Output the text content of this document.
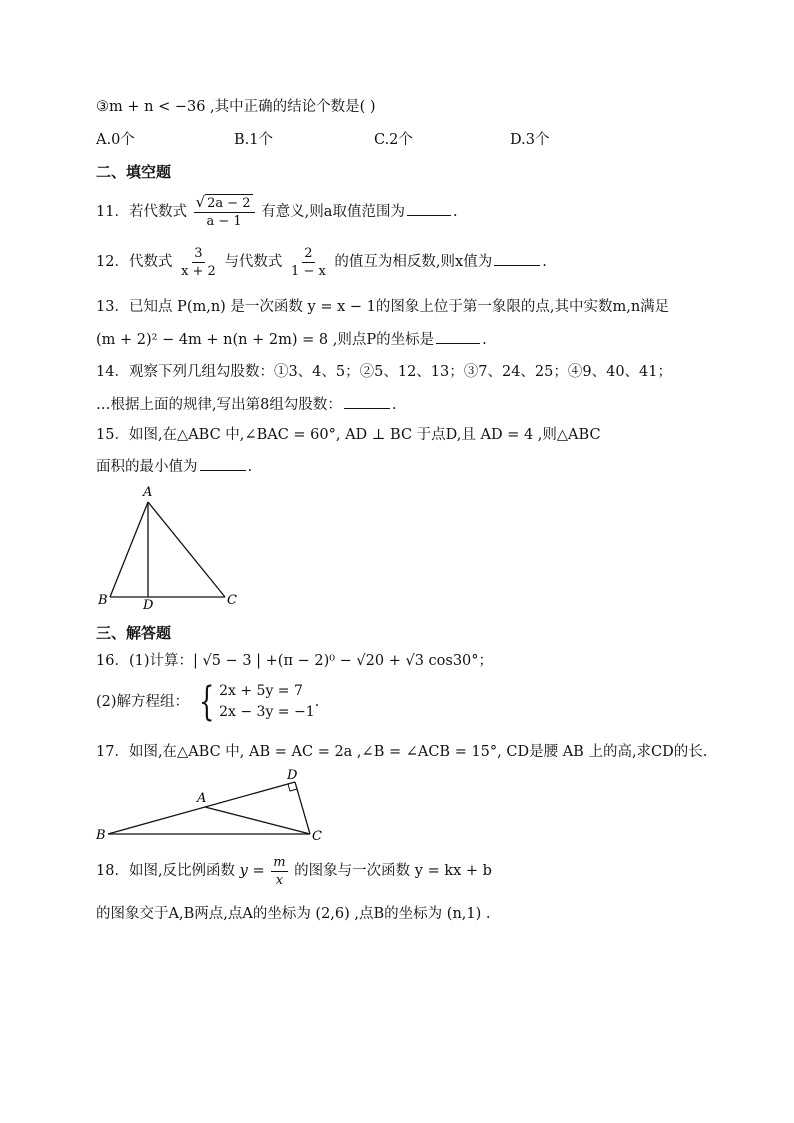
③m + n < −36 ,其中正确的结论个数是( )
A.0个	B.1个	C.2个	D.3个
二、填空题
11．若代数式 $\frac{√ 2a - 2}{a - 1}$ 有意义,则a取值范围为	.
12．代数式 $\frac{3}{x + 2}$ 与代数式 $\frac{2}{1 - x}$ 的值互为相反数,则x值为	.
13．已知点 P(m,n) 是一次函数 y = x − 1的图象上位于第一象限的点,其中实数m,n满足
(m + 2)² − 4m + n(n + 2m) = 8 ,则点P的坐标是	.
14．观察下列几组勾股数：①3、4、5；②5、12、13；③7、24、25；④9、40、41；
…根据上面的规律,写出第8组勾股数：	.
15．如图,在△ABC 中,∠BAC = 60°, AD ⊥ BC 于点D,且 AD = 4 ,则△ABC
面积的最小值为	.
A
B	C
D
三、解答题
16．(1)计算：| √5 − 3 | +(π − 2)⁰ − √20 + √3 cos30°；
(2)解方程组： { 2x + 5y = 7
2x − 3y = −1
.
17．如图,在△ABC 中, AB = AC = 2a ,∠B = ∠ACB = 15°, CD是腰 AB 上的高,求CD的长.
A
B	C
D
18．如图,反比例函数 $y = \frac{m}{x}$ 的图象与一次函数 y = kx + b
的图象交于A,B两点,点A的坐标为 (2,6) ,点B的坐标为 (n,1) .
